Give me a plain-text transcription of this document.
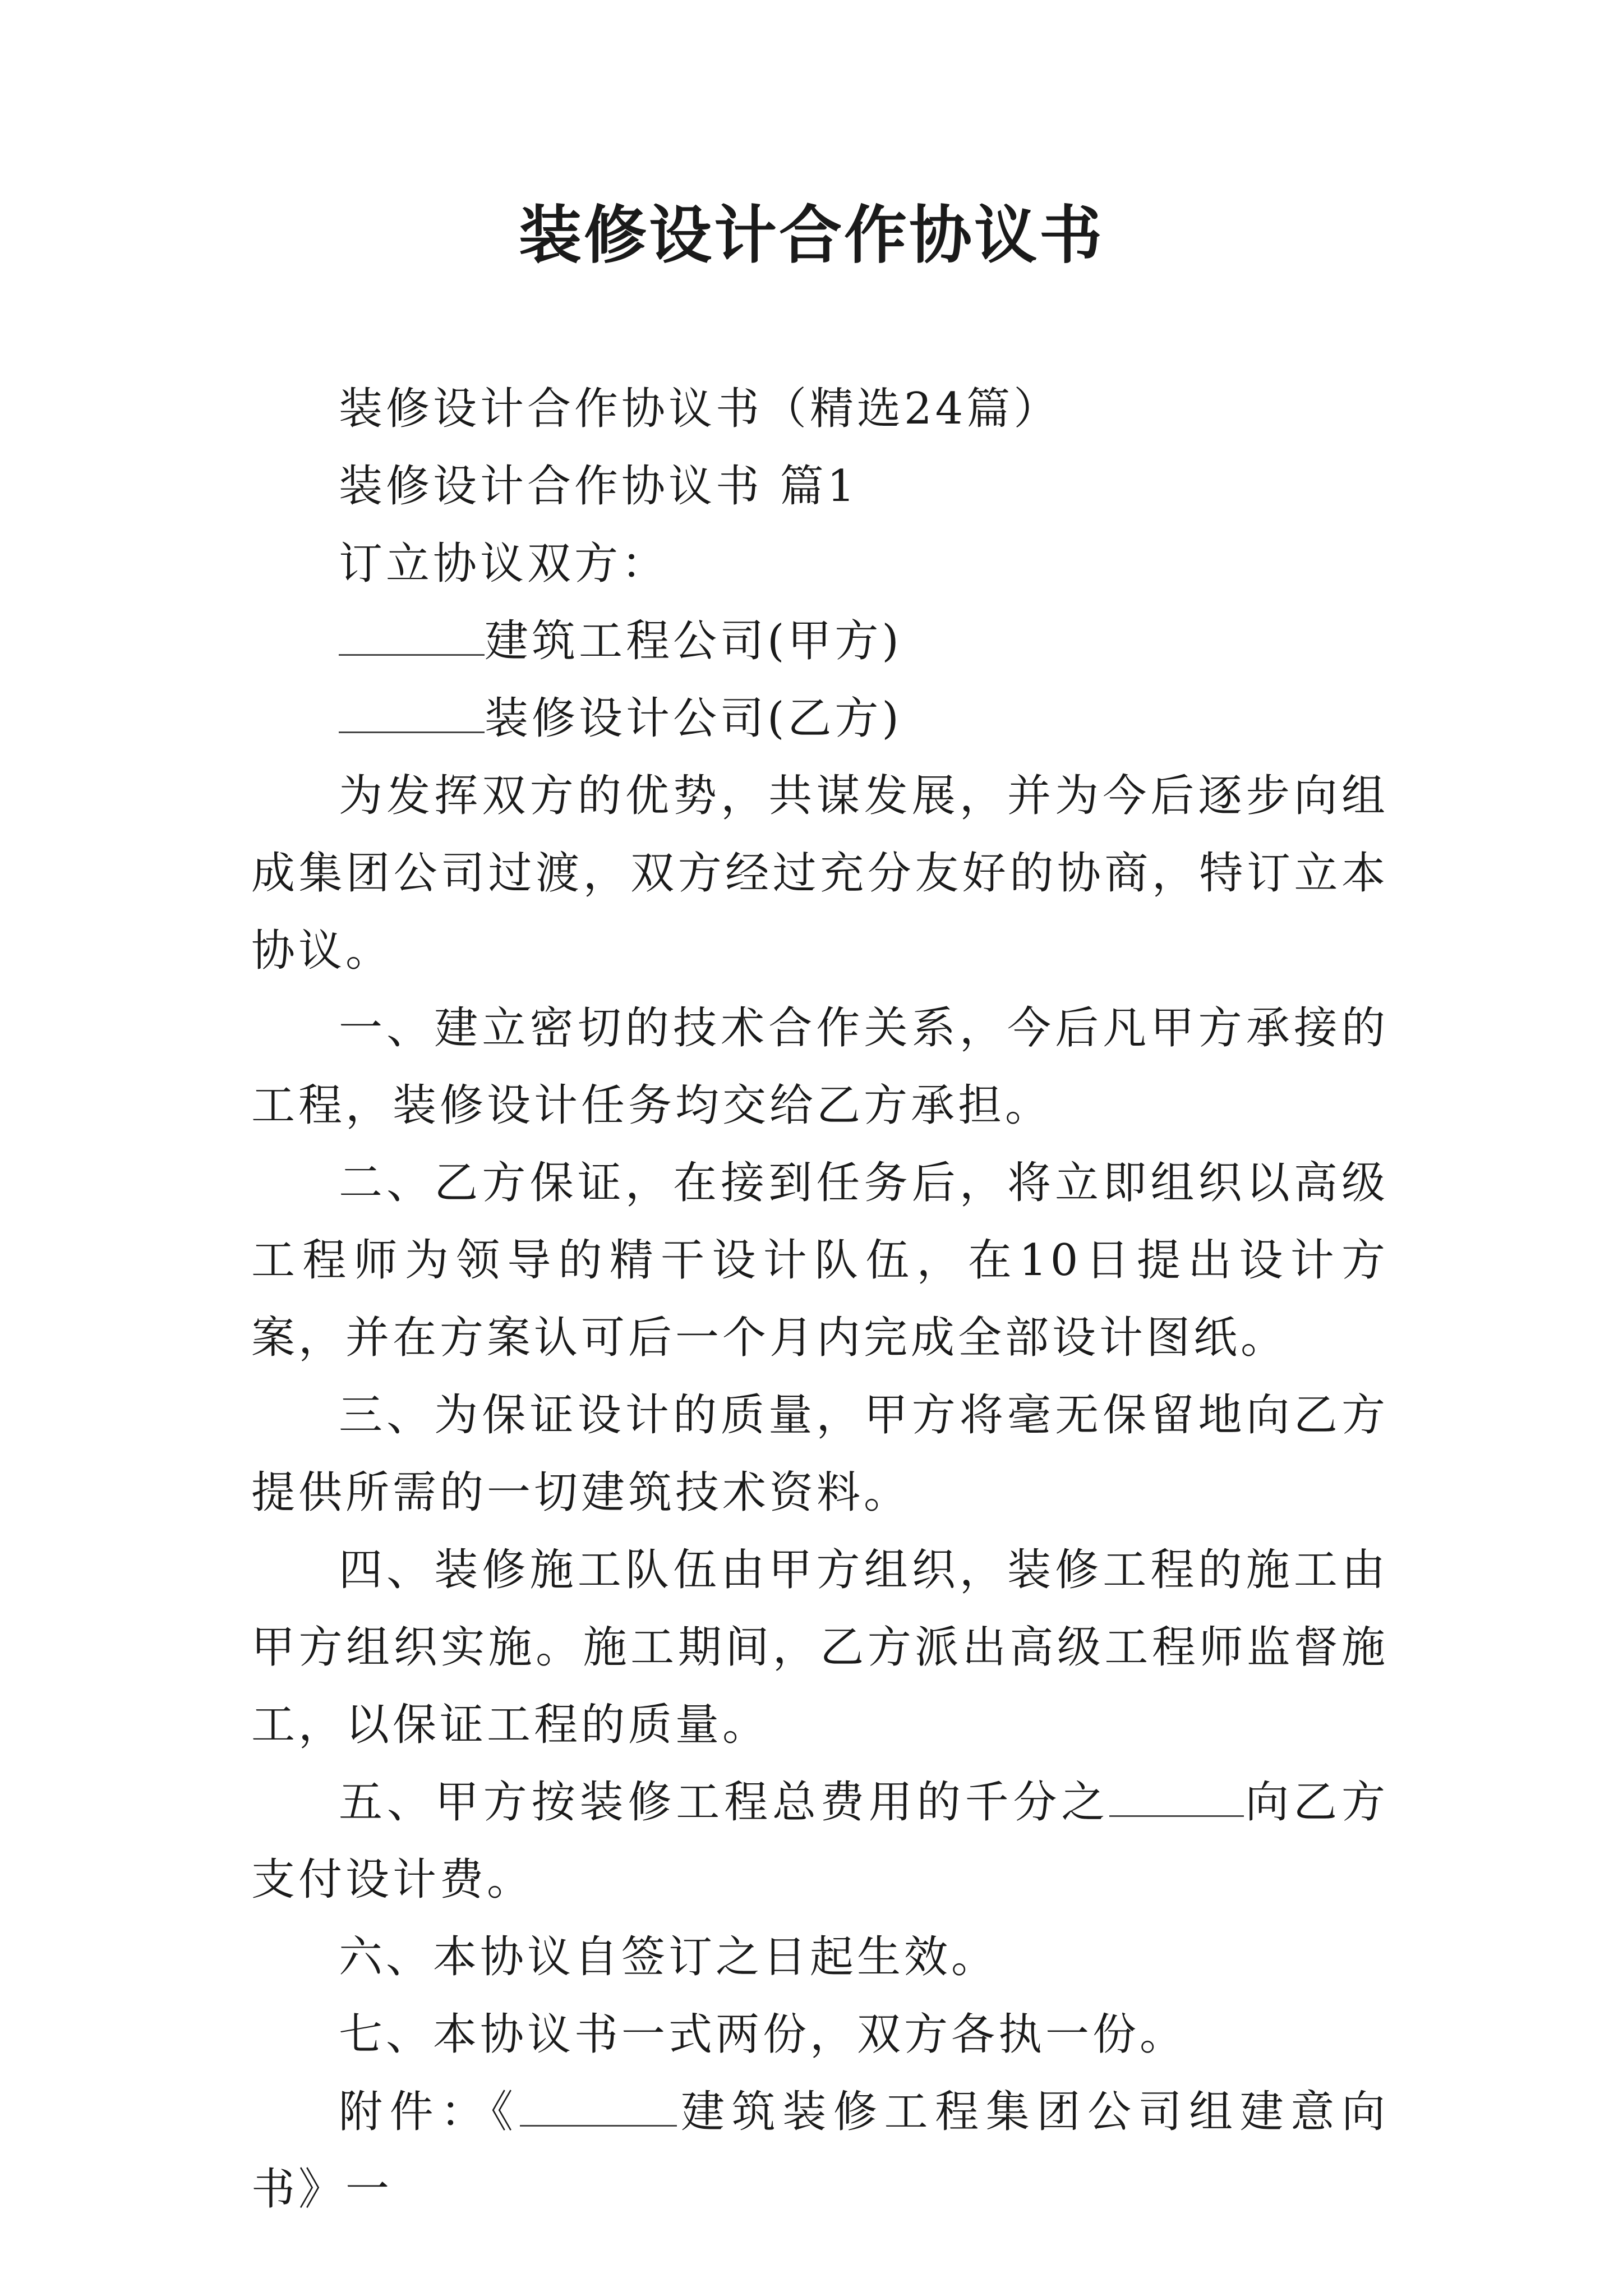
装修设计合作协议书

装修设计合作协议书（精选24篇）

装修设计合作协议书 篇1

订立协议双方：

建筑工程公司(甲方)

装修设计公司(乙方)

为发挥双方的优势，共谋发展，并为今后逐步向组成集团公司过渡，双方经过充分友好的协商，特订立本协议。

一、建立密切的技术合作关系，今后凡甲方承接的工程，装修设计任务均交给乙方承担。

二、乙方保证，在接到任务后，将立即组织以高级工程师为领导的精干设计队伍，在10日提出设计方案，并在方案认可后一个月内完成全部设计图纸。

三、为保证设计的质量，甲方将毫无保留地向乙方提供所需的一切建筑技术资料。

四、装修施工队伍由甲方组织，装修工程的施工由甲方组织实施。施工期间，乙方派出高级工程师监督施工，以保证工程的质量。

五、甲方按装修工程总费用的千分之	向乙方支付设计费。

六、本协议自签订之日起生效。

七、本协议书一式两份，双方各执一份。

附件：《	建筑装修工程集团公司组建意向书》一
